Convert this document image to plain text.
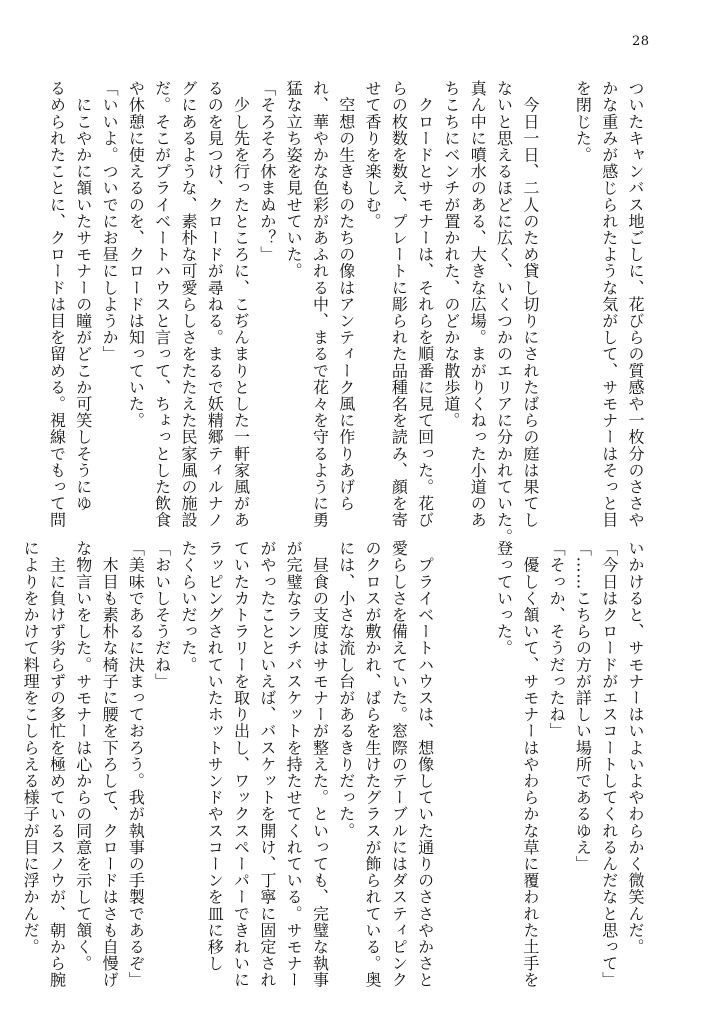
28
ついたキャンバス地ごしに、花びらの質感や一枚分のささや
かな重みが感じられたような気がして、サモナーはそっと目
を閉じた。
　今日一日、二人のため貸し切りにされたばらの庭は果てし
ないと思えるほどに広く、いくつかのエリアに分かれていた。
真ん中に噴水のある、大きな広場。まがりくねった小道のあ
ちこちにベンチが置かれた、のどかな散歩道。
　クロードとサモナーは、それらを順番に見て回った。花び
らの枚数を数え、プレートに彫られた品種名を読み、顔を寄
せて香りを楽しむ。
　空想の生きものたちの像はアンティーク風に作りあげら
れ、華やかな色彩があふれる中、まるで花々を守るように勇
猛な立ち姿を見せていた。
「そろそろ休まぬか？」
　少し先を行ったところに、こぢんまりとした一軒家風があ
るのを見つけ、クロードが尋ねる。まるで妖精郷ティルナノ
グにあるような、素朴な可愛らしさをたたえた民家風の施設
だ。そこがプライベートハウスと言って、ちょっとした飲食
や休憩に使えるのを、クロードは知っていた。
「いいよ。ついでにお昼にしようか」
　にこやかに頷いたサモナーの瞳がどこか可笑しそうにゆ
るめられたことに、クロードは目を留める。視線でもって問
いかけると、サモナーはいよいよやわらかく微笑んだ。
「今日はクロードがエスコートしてくれるんだなと思って」
「……こちらの方が詳しい場所であるゆえ」
「そっか、そうだったね」
　優しく頷いて、サモナーはやわらかな草に覆われた土手を
登っていった。
　プライベートハウスは、想像していた通りのささやかさと
愛らしさを備えていた。窓際のテーブルにはダスティピンク
のクロスが敷かれ、ばらを生けたグラスが飾られている。奥
には、小さな流し台があるきりだった。
　昼食の支度はサモナーが整えた。といっても、完璧な執事
が完璧なランチバスケットを持たせてくれている。サモナー
がやったことといえば、バスケットを開け、丁寧に固定され
ていたカトラリーを取り出し、ワックスペーパーできれいに
ラッピングされていたホットサンドやスコーンを皿に移し
たくらいだった。
「おいしそうだね」
「美味であるに決まっておろう。我が執事の手製であるぞ」
　木目も素朴な椅子に腰を下ろして、クロードはさも自慢げ
な物言いをした。サモナーは心からの同意を示して頷く。
　主に負けず劣らずの多忙を極めているスノウが、朝から腕
によりをかけて料理をこしらえる様子が目に浮かんだ。
